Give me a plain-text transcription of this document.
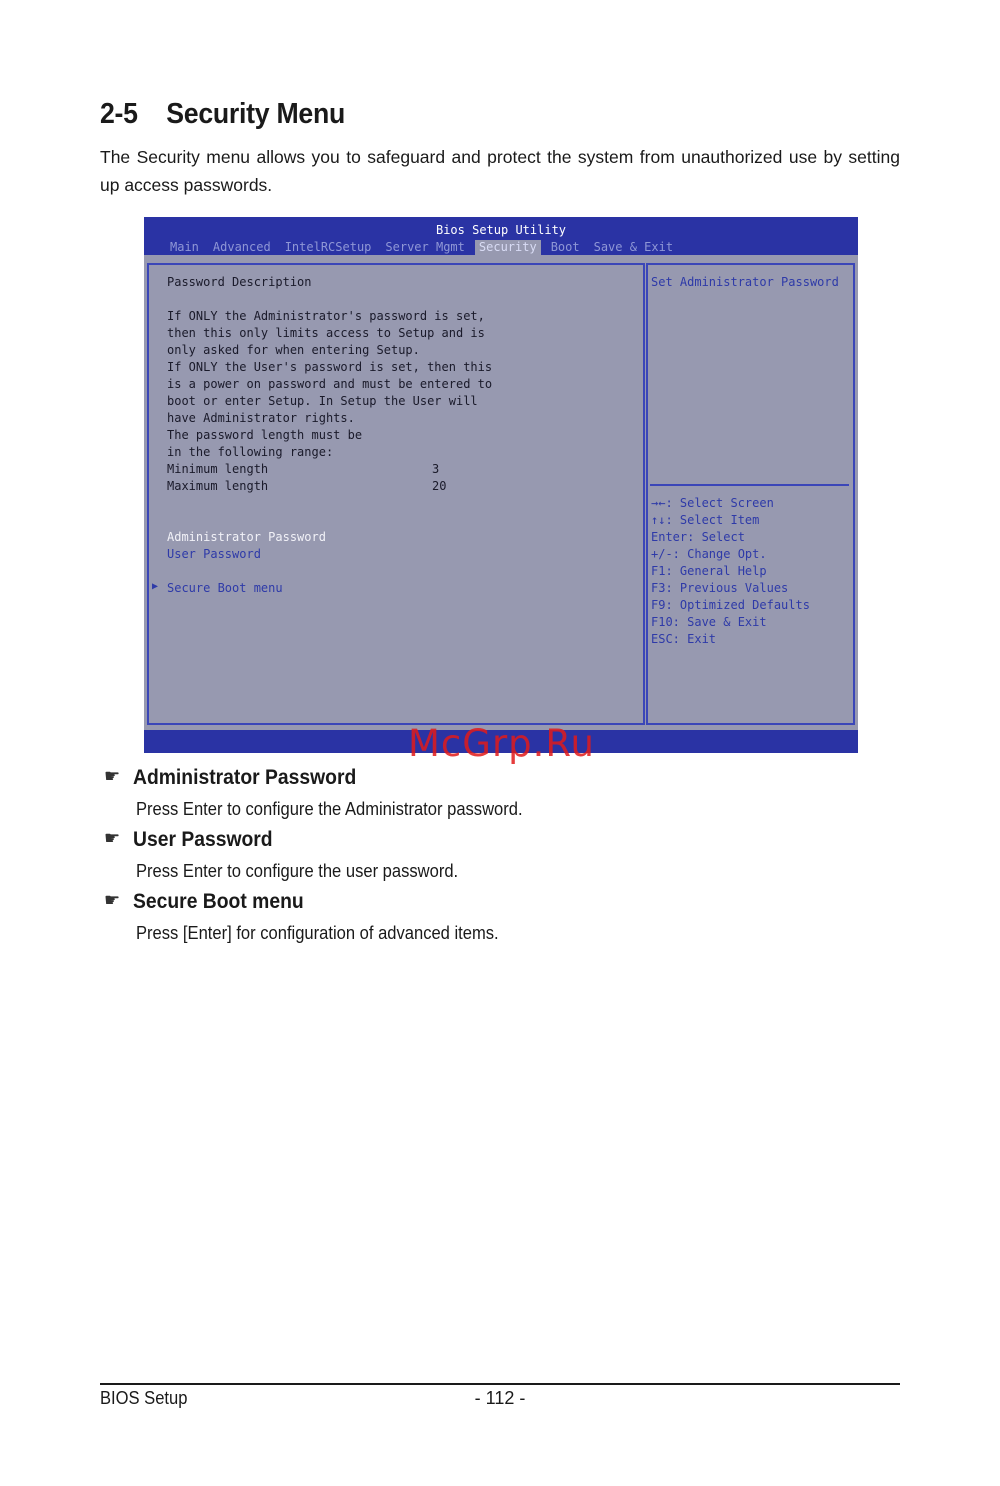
2-5 Security Menu
The Security menu allows you to safeguard and protect the system from unauthorized use by setting up access passwords.
Bios Setup Utility
Main	Advanced	IntelRCSetup	Server Mgmt	Security	Boot	Save & Exit
Password Description
If ONLY the Administrator's password is set,
then this only limits access to Setup and is
only asked for when entering Setup.
If ONLY the User's password is set, then this
is a power on password and must be entered to
boot or enter Setup. In Setup the User will
have Administrator rights.
The password length must be
in the following range:
Minimum length	3
Maximum length	20
Administrator Password
User Password
▶ Secure Boot menu
Set Administrator Password
→←: Select Screen
↑↓: Select Item
Enter: Select
+/-: Change Opt.
F1: General Help
F3: Previous Values
F9: Optimized Defaults
F10: Save & Exit
ESC: Exit
McGrp.Ru
☛ Administrator Password
Press Enter to configure the Administrator password.
☛ User Password
Press Enter to configure the user password.
☛ Secure Boot menu
Press [Enter] for configuration of advanced items.
BIOS Setup	- 112 -
